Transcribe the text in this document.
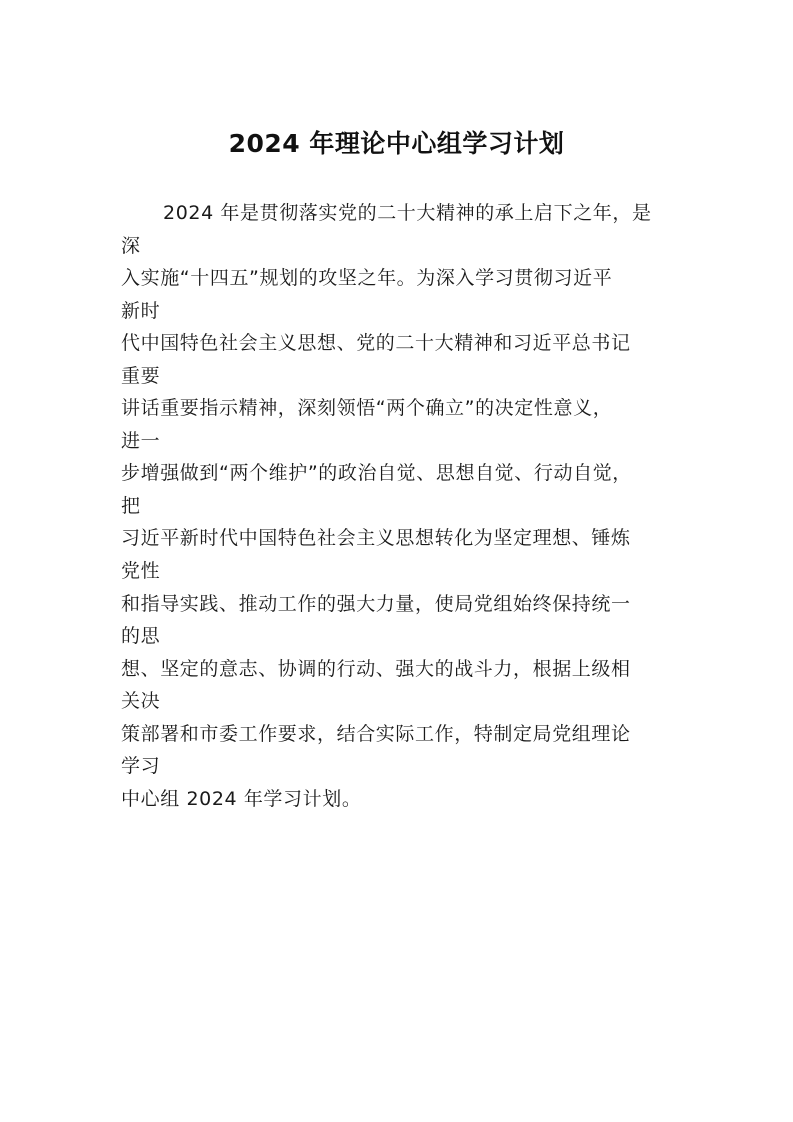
2024 年理论中心组学习计划
2024 年是贯彻落实党的二十大精神的承上启下之年，是
深
入实施“十四五”规划的攻坚之年。为深入学习贯彻习近平
新时
代中国特色社会主义思想、党的二十大精神和习近平总书记
重要
讲话重要指示精神，深刻领悟“两个确立”的决定性意义，
进一
步增强做到“两个维护”的政治自觉、思想自觉、行动自觉，
把
习近平新时代中国特色社会主义思想转化为坚定理想、锤炼
党性
和指导实践、推动工作的强大力量，使局党组始终保持统一
的思
想、坚定的意志、协调的行动、强大的战斗力，根据上级相
关决
策部署和市委工作要求，结合实际工作，特制定局党组理论
学习
中心组 2024 年学习计划。
